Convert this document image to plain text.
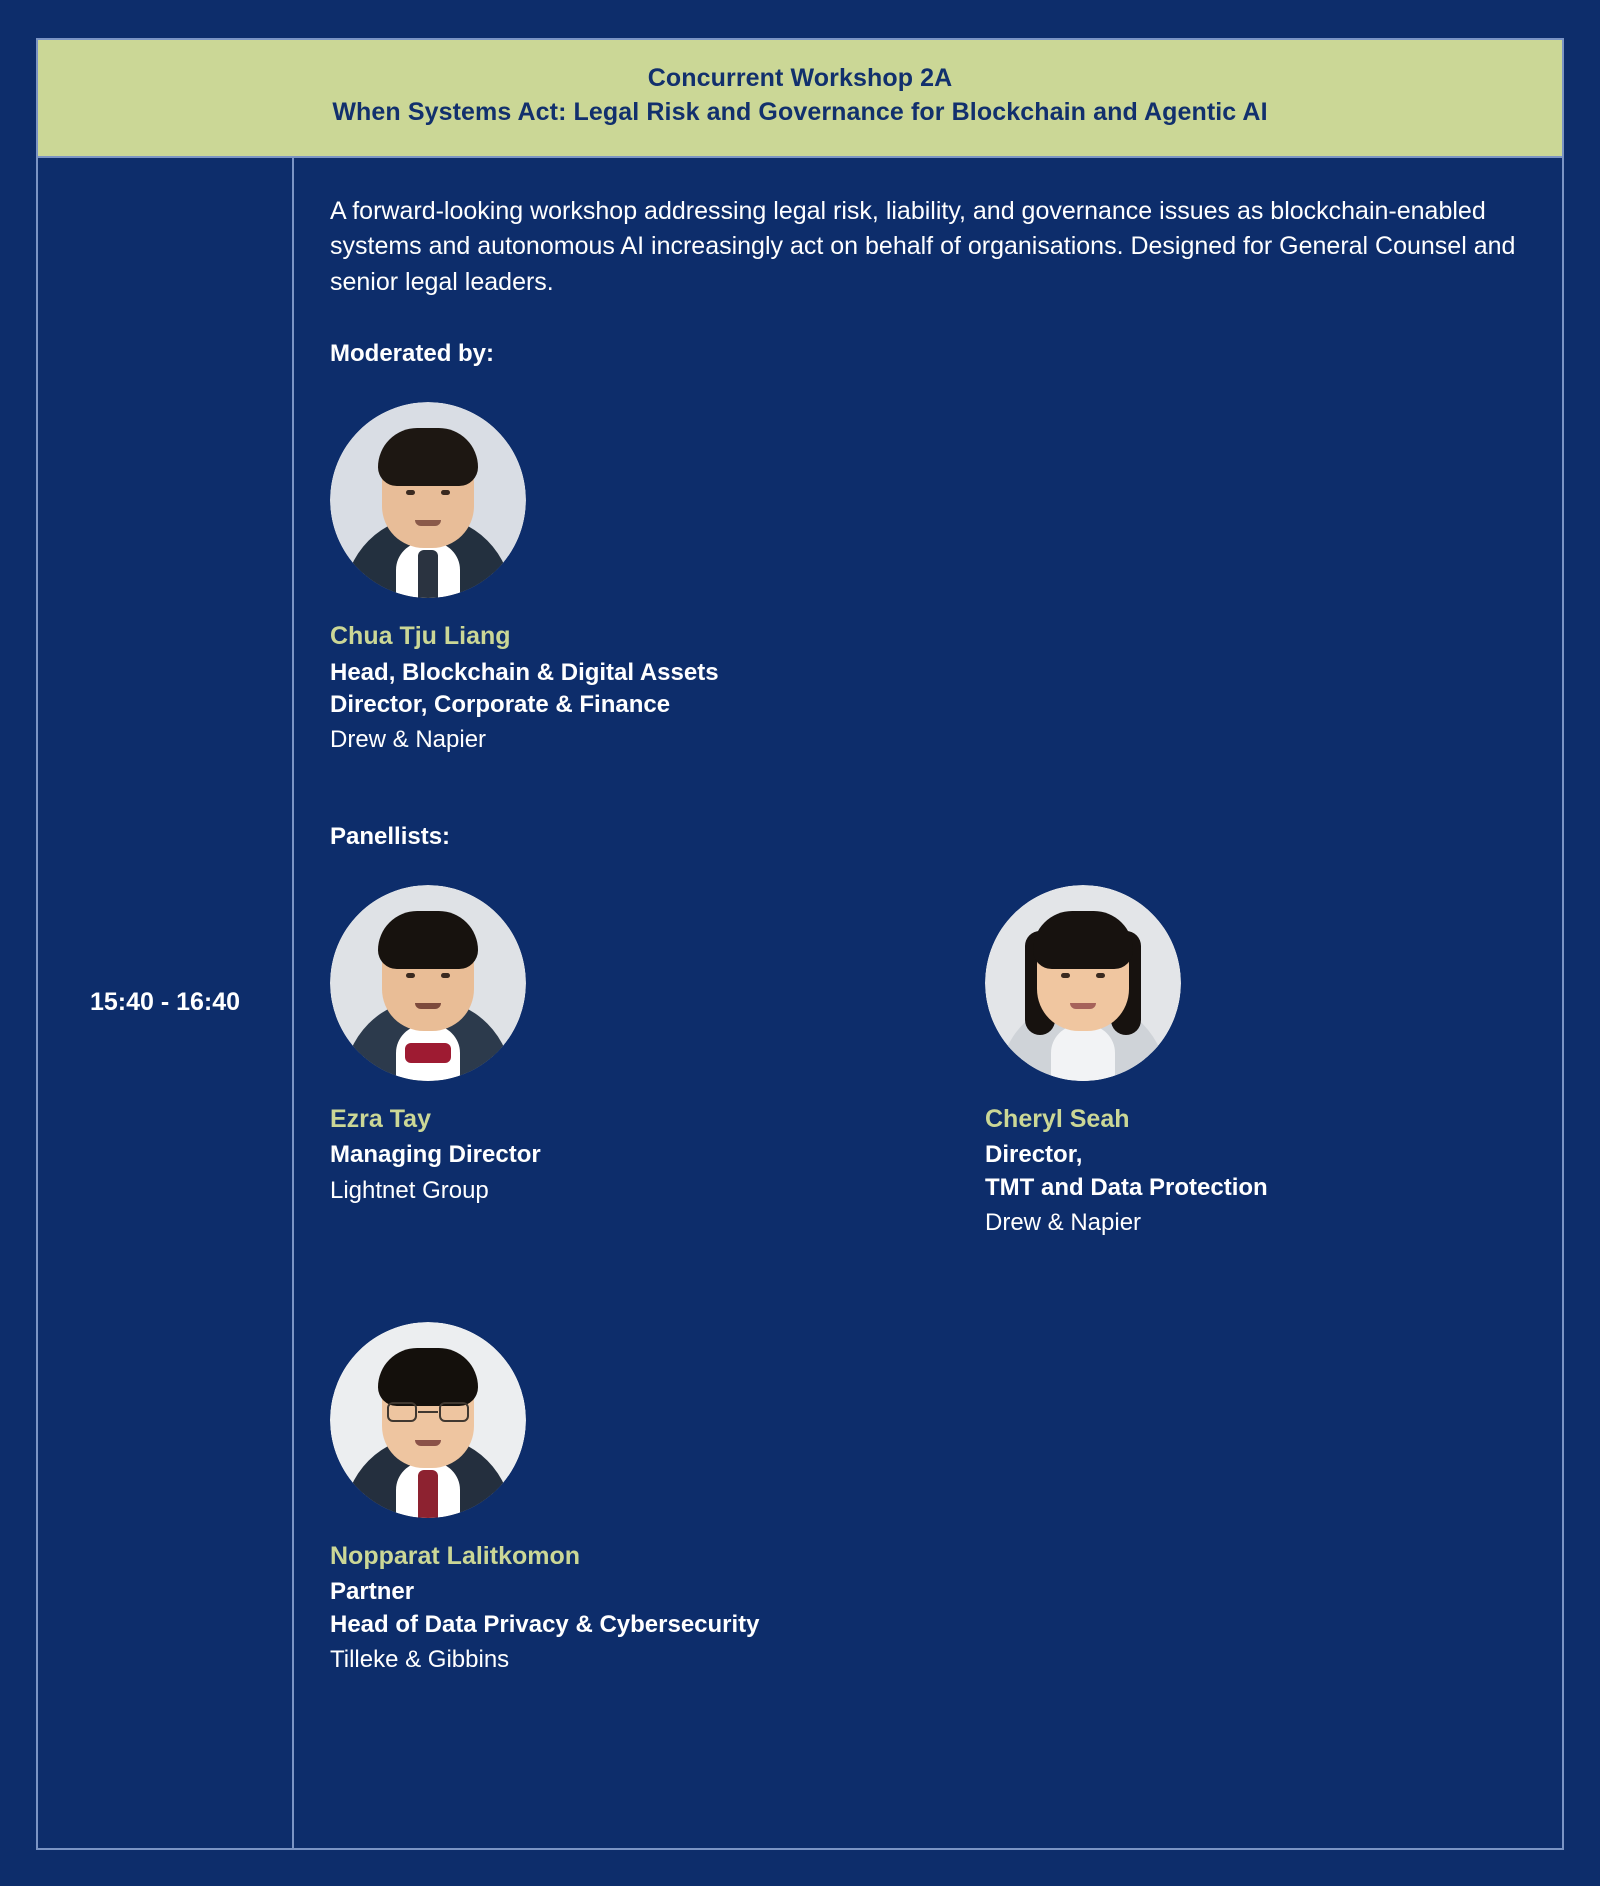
Concurrent Workshop 2A
When Systems Act: Legal Risk and Governance for Blockchain and Agentic AI
15:40 - 16:40

A forward-looking workshop addressing legal risk, liability, and governance issues as blockchain-enabled systems and autonomous AI increasingly act on behalf of organisations. Designed for General Counsel and senior legal leaders.

Moderated by:
Chua Tju Liang
Head, Blockchain & Digital Assets
Director, Corporate & Finance
Drew & Napier
Panellists:
Ezra Tay
Managing Director
Lightnet Group
Cheryl Seah
Director,
TMT and Data Protection
Drew & Napier
Nopparat Lalitkomon
Partner
Head of Data Privacy & Cybersecurity
Tilleke & Gibbins
